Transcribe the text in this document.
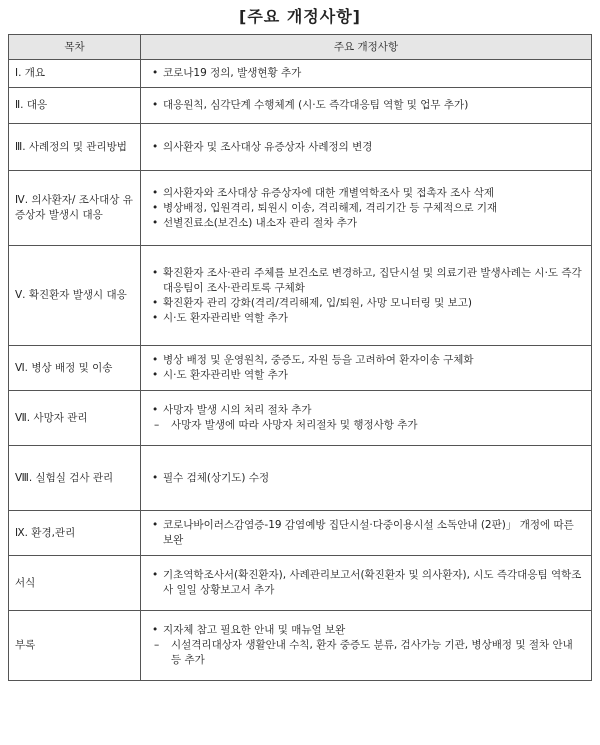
[주요 개정사항]
목차	주요 개정사항
Ⅰ. 개요	• 코로나19 정의, 발생현황 추가

Ⅱ. 대응	• 대응원칙, 심각단계 수행체계 (시·도 즉각대응팀 역할 및 업무 추가)

Ⅲ. 사례정의 및 관리방법	• 의사환자 및 조사대상 유증상자 사례정의 변경

Ⅳ. 의사환자/ 조사대상 유증상자 발생시 대응	• 의사환자와 조사대상 유증상자에 대한 개별역학조사 및 접촉자 조사 삭제
• 병상배정, 입원격리, 퇴원시 이송, 격리해제, 격리기간 등 구체적으로 기재
• 선별진료소(보건소) 내소자 관리 절차 추가

Ⅴ. 확진환자 발생시 대응	• 확진환자 조사·관리 주체를 보건소로 변경하고, 집단시설 및 의료기관 발생사례는 시·도 즉각대응팀이 조사·관리토록 구체화
• 확진환자 관리 강화(격리/격리해제, 입/퇴원, 사망 모니터링 및 보고)
• 시·도 환자관리반 역할 추가

Ⅵ. 병상 배정 및 이송	• 병상 배정 및 운영원칙, 중증도, 자원 등을 고려하여 환자이송 구체화
• 시·도 환자관리반 역할 추가

Ⅶ. 사망자 관리	• 사망자 발생 시의 처리 절차 추가
– 사망자 발생에 따라 사망자 처리절차 및 행정사항 추가

Ⅷ. 실험실 검사 관리	• 필수 검체(상기도) 수정

Ⅸ. 환경,관리	• 코로나바이러스감염증-19 감염예방 집단시설·다중이용시설 소독안내 (2판)」 개정에 따른 보완

서식	• 기초역학조사서(확진환자), 사례관리보고서(확진환자 및 의사환자), 시도 즉각대응팀 역학조사 일일 상황보고서 추가

부록	• 지자체 참고 필요한 안내 및 매뉴얼 보완
– 시설격리대상자 생활안내 수칙, 환자 중증도 분류, 검사가능 기관, 병상배정 및 절차 안내 등 추가
